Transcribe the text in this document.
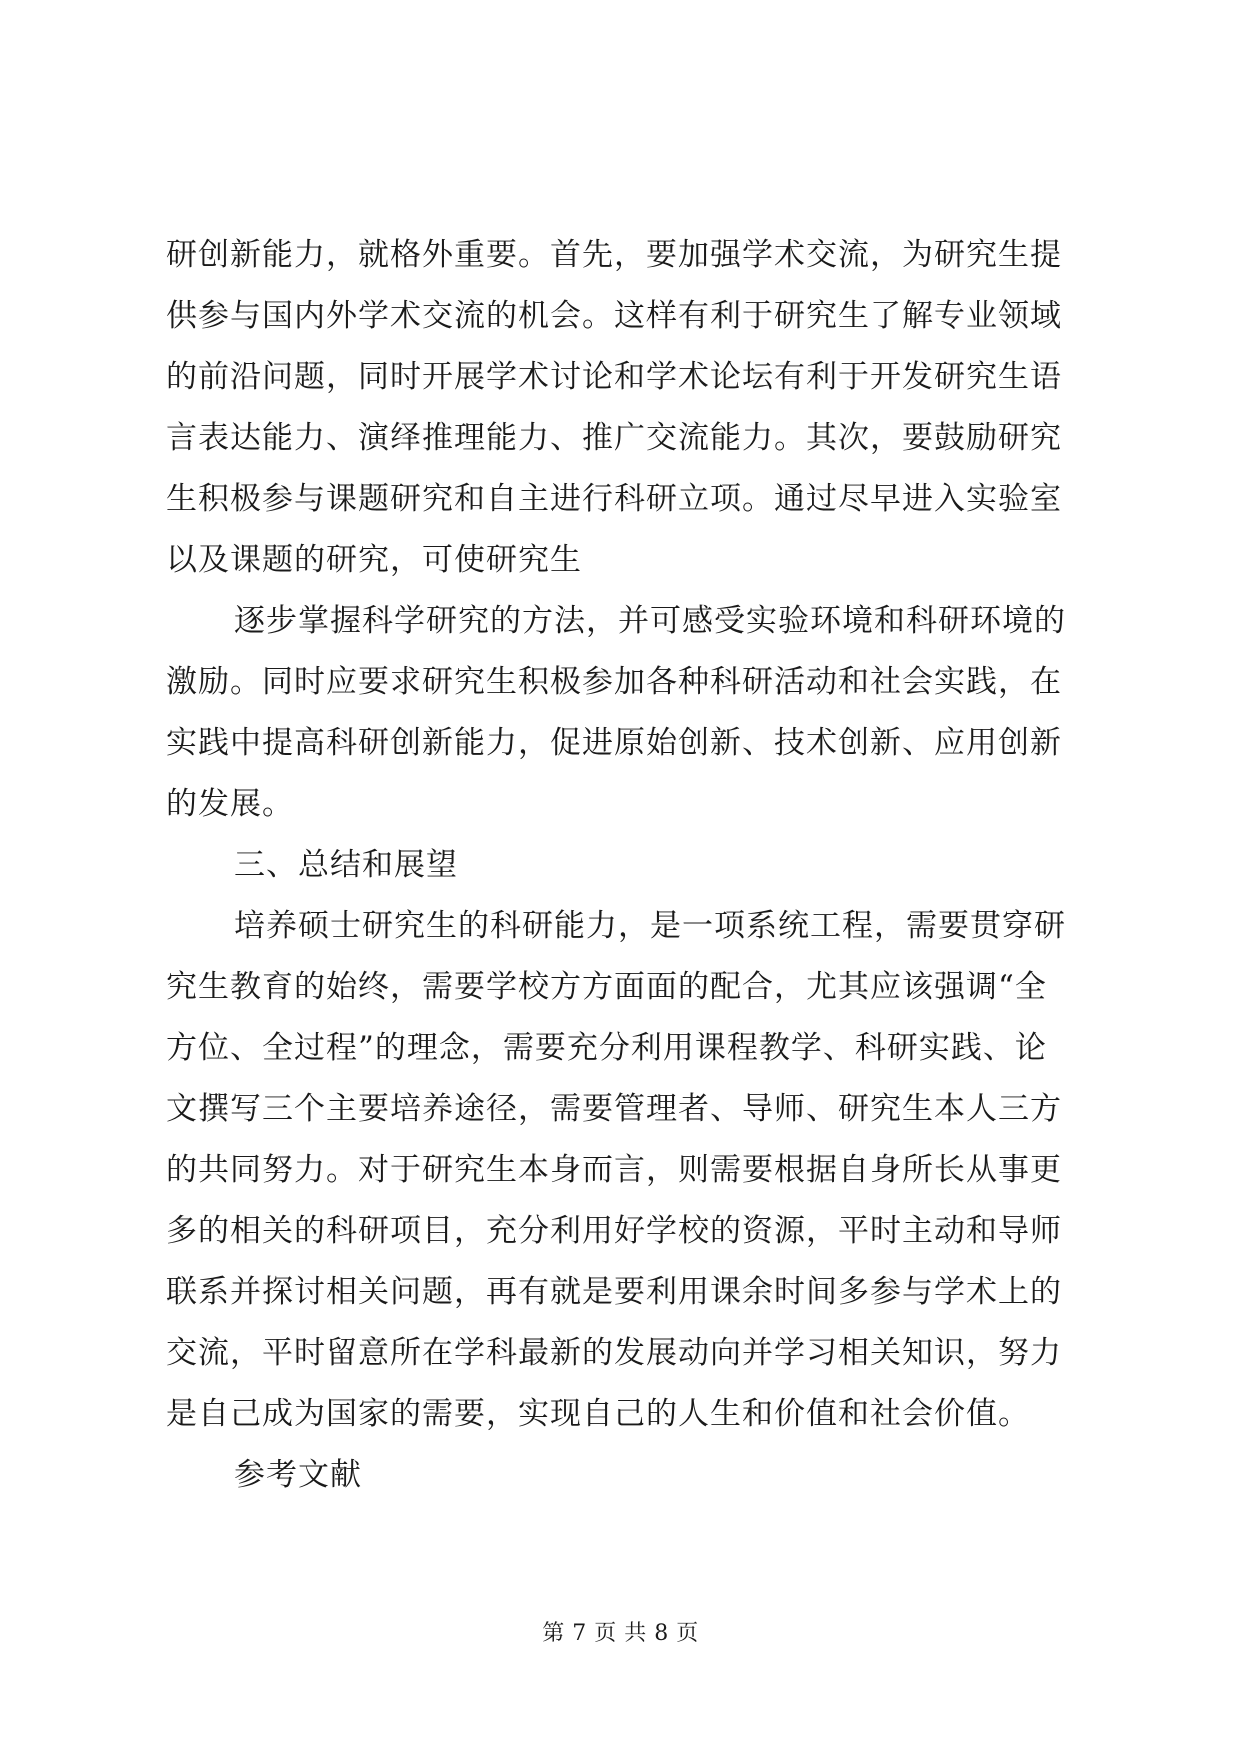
研创新能力，就格外重要。首先，要加强学术交流，为研究生提
供参与国内外学术交流的机会。这样有利于研究生了解专业领域
的前沿问题，同时开展学术讨论和学术论坛有利于开发研究生语
言表达能力、演绎推理能力、推广交流能力。其次，要鼓励研究
生积极参与课题研究和自主进行科研立项。通过尽早进入实验室
以及课题的研究，可使研究生
逐步掌握科学研究的方法，并可感受实验环境和科研环境的
激励。同时应要求研究生积极参加各种科研活动和社会实践，在
实践中提高科研创新能力，促进原始创新、技术创新、应用创新
的发展。
三、总结和展望
培养硕士研究生的科研能力，是一项系统工程，需要贯穿研
究生教育的始终，需要学校方方面面的配合，尤其应该强调“全
方位、全过程”的理念，需要充分利用课程教学、科研实践、论
文撰写三个主要培养途径，需要管理者、导师、研究生本人三方
的共同努力。对于研究生本身而言，则需要根据自身所长从事更
多的相关的科研项目，充分利用好学校的资源，平时主动和导师
联系并探讨相关问题，再有就是要利用课余时间多参与学术上的
交流，平时留意所在学科最新的发展动向并学习相关知识，努力
是自己成为国家的需要，实现自己的人生和价值和社会价值。
参考文献
第 7 页 共 8 页
